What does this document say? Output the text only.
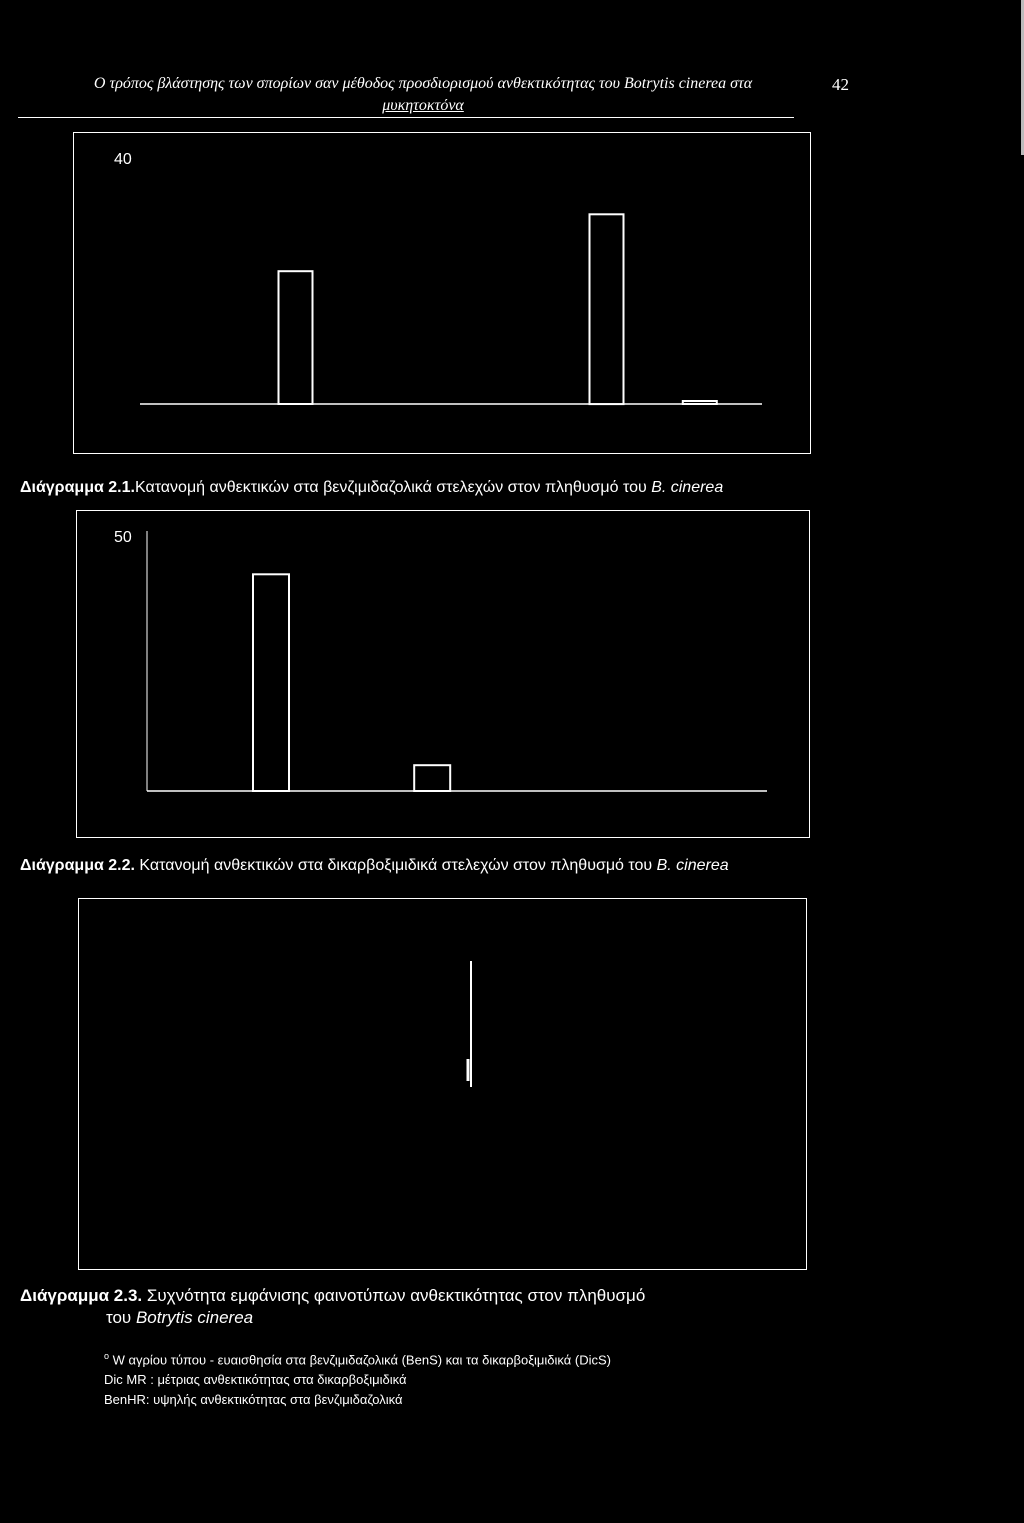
Ο τρόπος βλάστησης των σπορίων σαν μέθοδος προσδιορισμού ανθεκτικότητας του Botrytis cinerea στα
μυκητοκτόνα
42
40
Διάγραμμα 2.1.Κατανομή ανθεκτικών στα βενζιμιδαζολικά στελεχών στον πληθυσμό του B. cinerea
50
Διάγραμμα 2.2. Κατανομή ανθεκτικών στα δικαρβοξιμιδικά στελεχών στον πληθυσμό του B. cinerea
Διάγραμμα 2.3. Συχνότητα εμφάνισης φαινοτύπων ανθεκτικότητας στον πληθυσμό
του Botrytis cinerea
$^o$ W αγρίου τύπου - ευαισθησία στα βενζιμιδαζολικά (BenS) και τα δικαρβοξιμιδικά (DicS)
Dic MR : μέτριας ανθεκτικότητας στα δικαρβοξιμιδικά
BenHR: υψηλής ανθεκτικότητας στα βενζιμιδαζολικά
